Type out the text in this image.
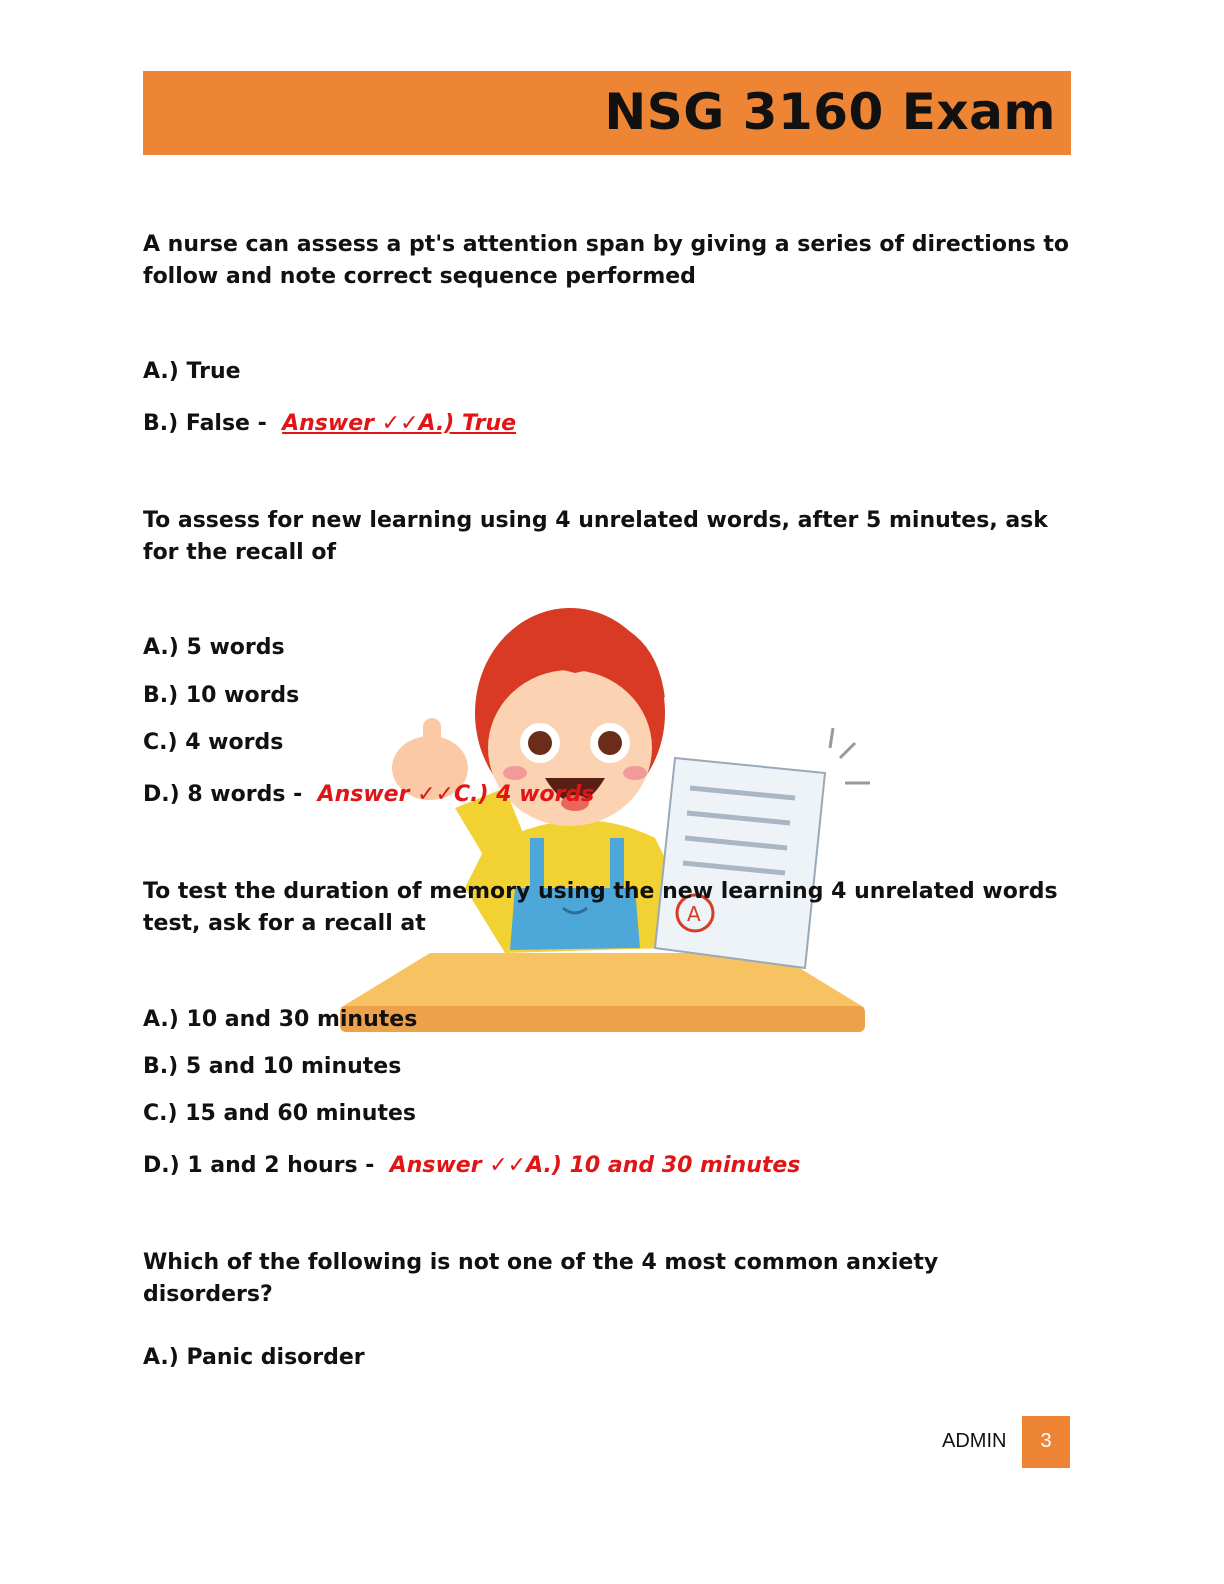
NSG 3160 Exam
A
A nurse can assess a pt's attention span by giving a series of directions to follow and note correct sequence performed
A.) True
B.) False - Answer ✓✓A.) True
To assess for new learning using 4 unrelated words, after 5 minutes, ask for the recall of
A.) 5 words
B.) 10 words
C.) 4 words
D.) 8 words - Answer ✓✓C.) 4 words
To test the duration of memory using the new learning 4 unrelated words test, ask for a recall at
A.) 10 and 30 minutes
B.) 5 and 10 minutes
C.) 15 and 60 minutes
D.) 1 and 2 hours - Answer ✓✓A.) 10 and 30 minutes
Which of the following is not one of the 4 most common anxiety disorders?
A.) Panic disorder
ADMIN	3
